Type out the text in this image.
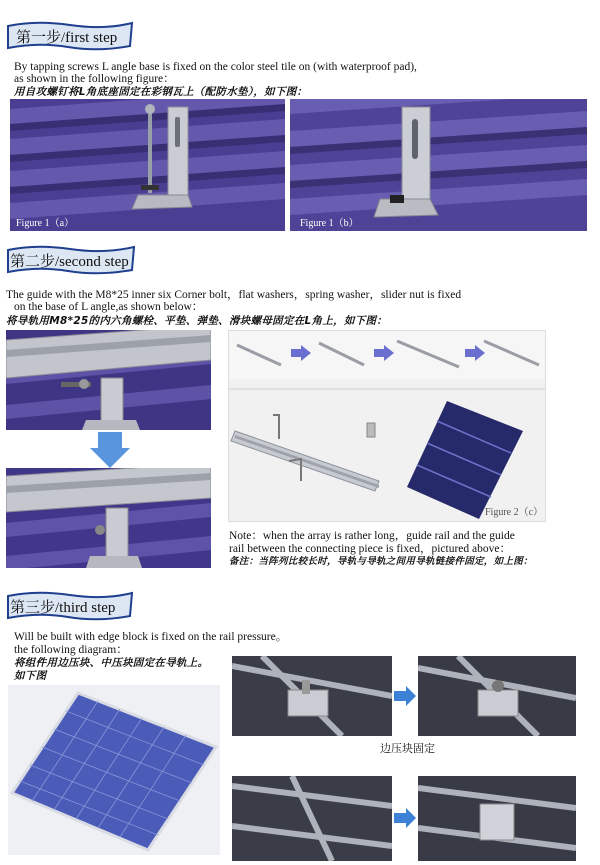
第一步/first step
By tapping screws L angle base is fixed on the color steel tile on (with waterproof pad),
as shown in the following figure：
用自攻螺钉将L角底座固定在彩钢瓦上（配防水垫），如下图：
Figure 1（a）	Figure 1（b）
第二步/second step
The guide with the M8*25 inner six Corner bolt，flat washers，spring washer，slider nut is fixed
on the base of L angle,as shown below：
将导轨用M8*25的内六角螺栓、平垫、弹垫、滑块螺母固定在L角上，如下图：
Figure 2（c）
Note：when the array is rather long，guide rail and the guide
rail between the connecting piece is fixed，pictured above：
备注：当阵列比较长时，导轨与导轨之间用导轨链接件固定，如上图：
第三步/third step
Will be built with edge block is fixed on the rail pressure。
the following diagram：
将组件用边压块、中压块固定在导轨上。
如下图
边压块固定
